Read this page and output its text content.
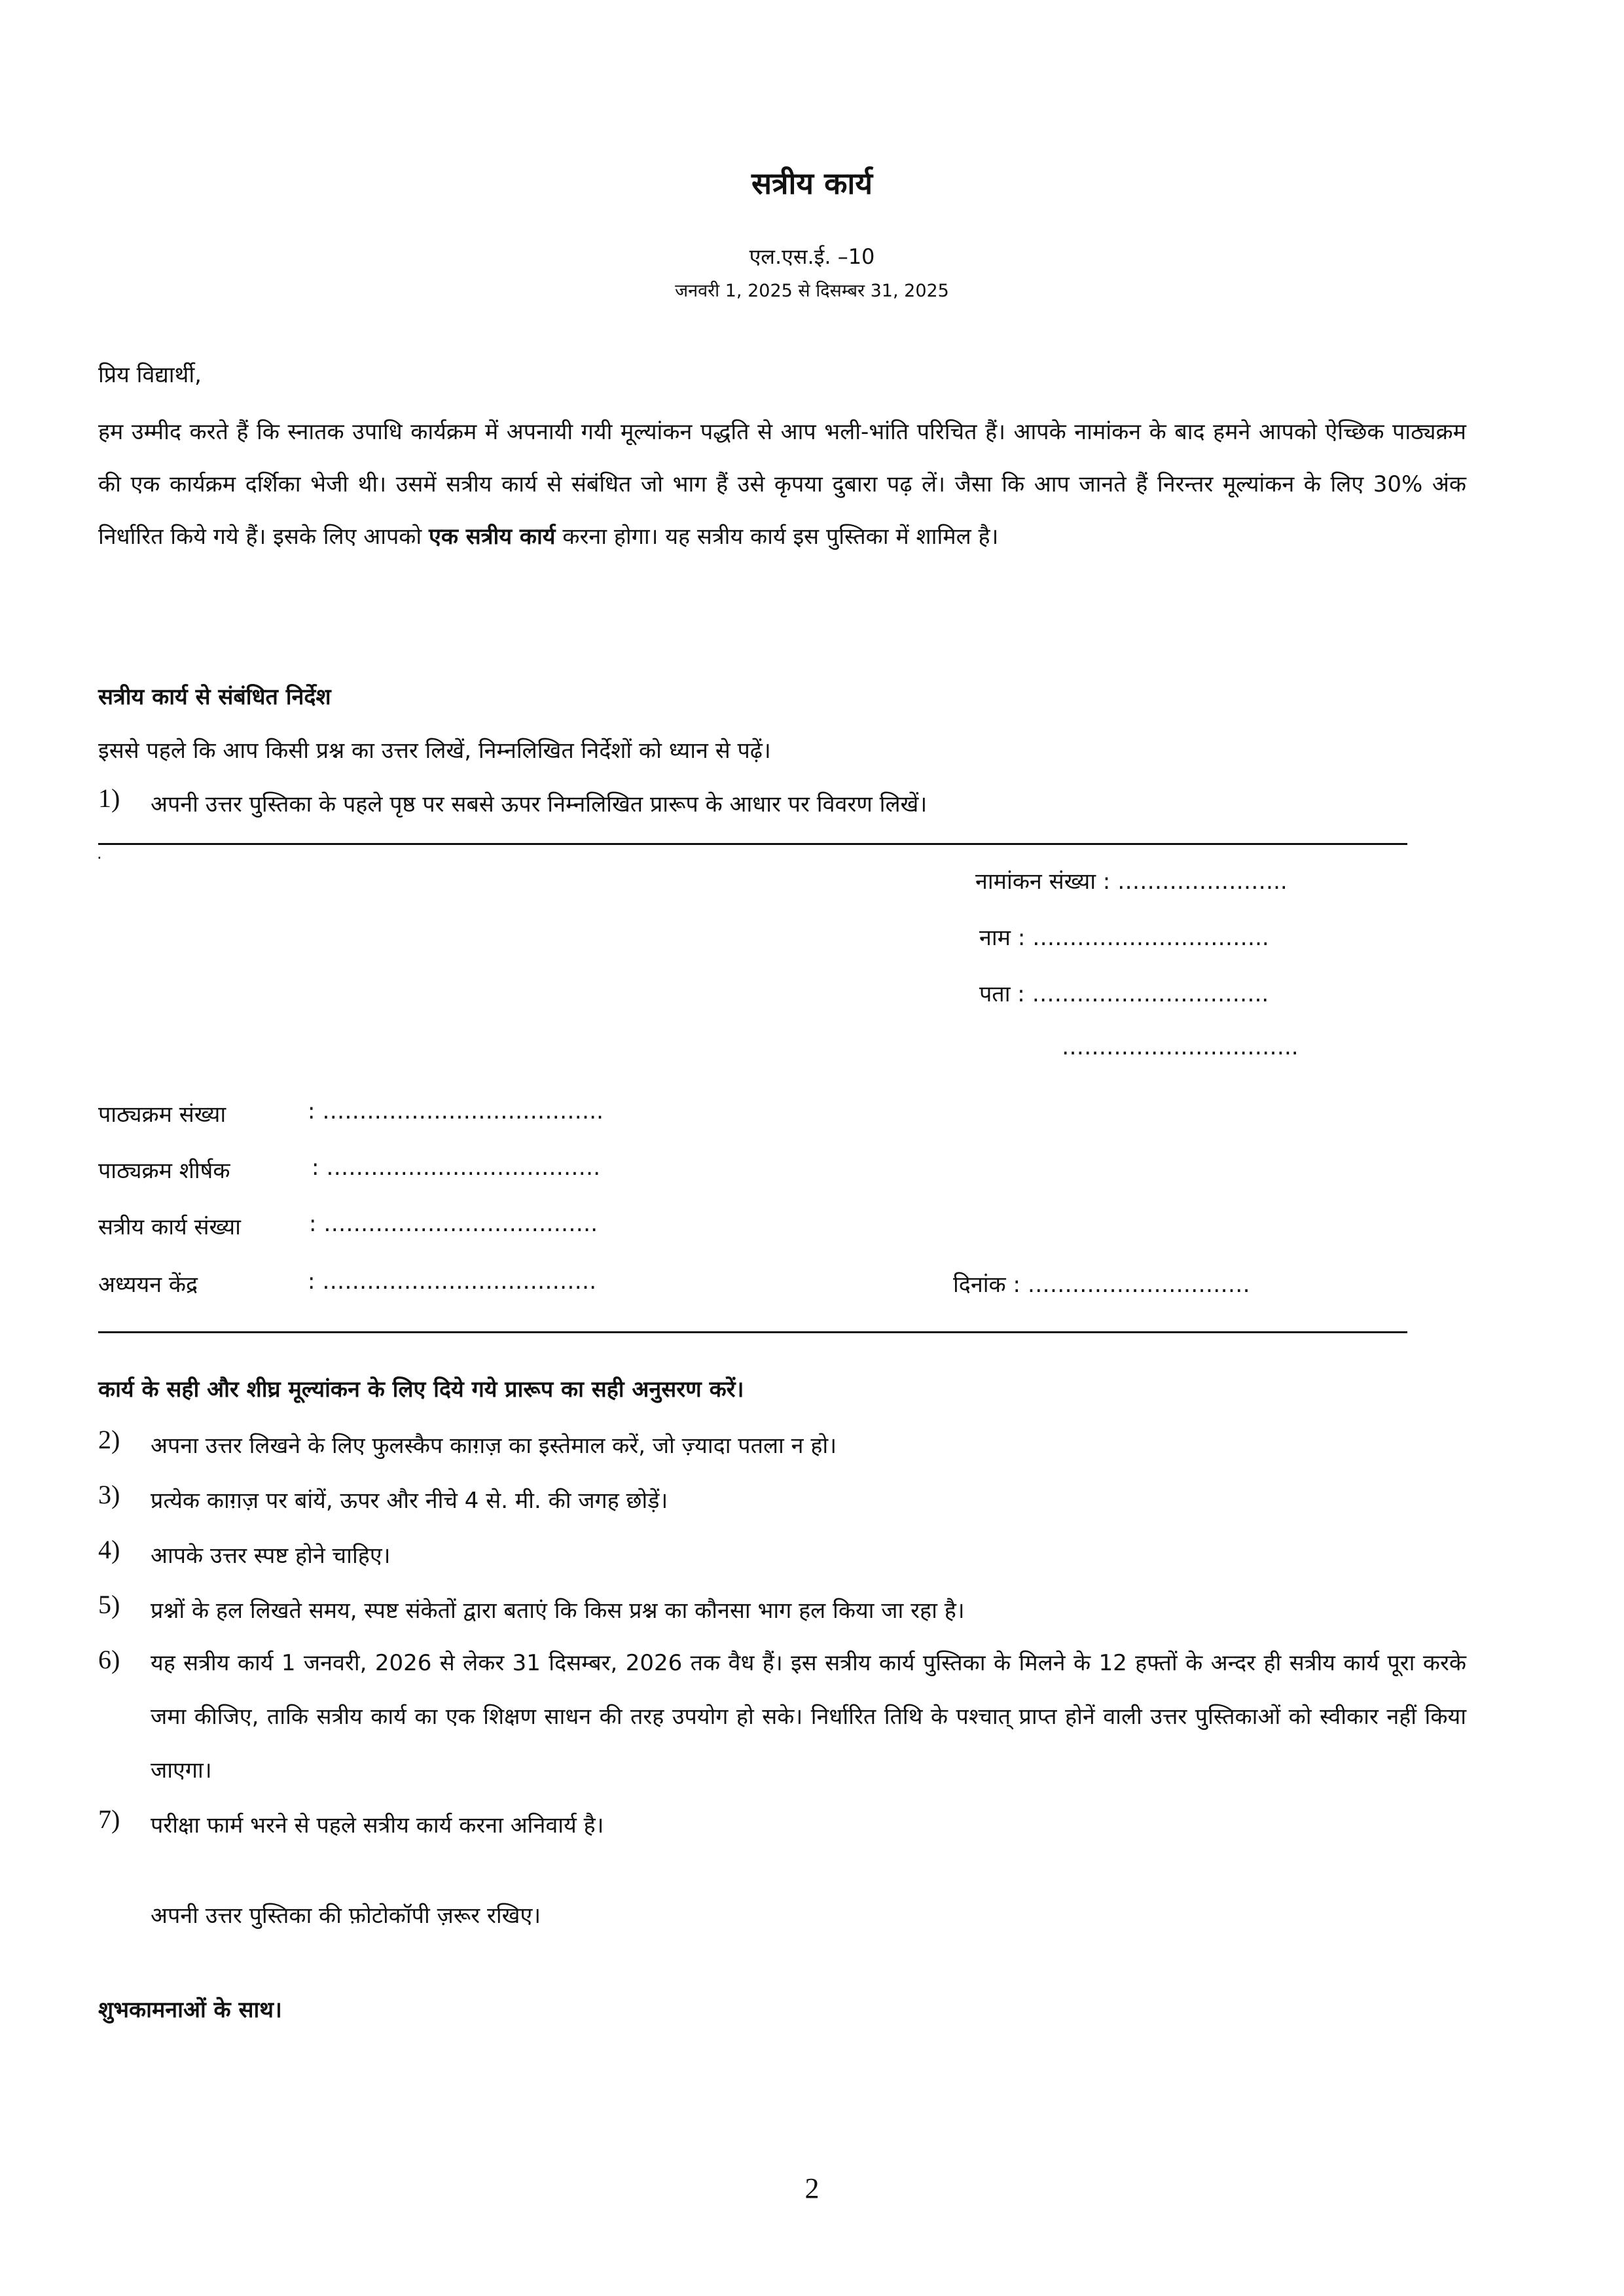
सत्रीय कार्य
एल.एस.ई. –10
जनवरी 1, 2025 से दिसम्बर 31, 2025
प्रिय विद्यार्थी,
हम उम्मीद करते हैं कि स्नातक उपाधि कार्यक्रम में अपनायी गयी मूल्यांकन पद्धति से आप भली-भांति परिचित हैं। आपके नामांकन के बाद हमने आपको ऐच्छिक पाठ्यक्रम की एक कार्यक्रम दर्शिका भेजी थी। उसमें सत्रीय कार्य से संबंधित जो भाग हैं उसे कृपया दुबारा पढ़ लें। जैसा कि आप जानते हैं निरन्तर मूल्यांकन के लिए 30% अंक निर्धारित किये गये हैं। इसके लिए आपको एक सत्रीय कार्य करना होगा। यह सत्रीय कार्य इस पुस्तिका में शामिल है।
सत्रीय कार्य से संबंधित निर्देश
इससे पहले कि आप किसी प्रश्न का उत्तर लिखें, निम्नलिखित निर्देशों को ध्यान से पढ़ें।
1) अपनी उत्तर पुस्तिका के पहले पृष्ठ पर सबसे ऊपर निम्नलिखित प्रारूप के आधार पर विवरण लिखें।
.
नामांकन संख्या : …………………..
नाम : …………………………..
पता : …………………………..
…………………………..
पाठ्यक्रम संख्या	: ………………………………..
पाठ्यक्रम शीर्षक	: ……………………………….
सत्रीय कार्य संख्या	: ……………………………….
अध्ययन केंद्र	: ……………………………….	दिनांक : …………………………
कार्य के सही और शीघ्र मूल्यांकन के लिए दिये गये प्रारूप का सही अनुसरण करें।
2) अपना उत्तर लिखने के लिए फुलस्कैप काग़ज़ का इस्तेमाल करें, जो ज़्यादा पतला न हो।
3) प्रत्येक काग़ज़ पर बांयें, ऊपर और नीचे 4 से. मी. की जगह छोड़ें।
4) आपके उत्तर स्पष्ट होने चाहिए।
5) प्रश्नों के हल लिखते समय, स्पष्ट संकेतों द्वारा बताएं कि किस प्रश्न का कौनसा भाग हल किया जा रहा है।
6) यह सत्रीय कार्य 1 जनवरी, 2026 से लेकर 31 दिसम्बर, 2026 तक वैध हैं। इस सत्रीय कार्य पुस्तिका के मिलने के 12 हफ्तों के अन्दर ही सत्रीय कार्य पूरा करके जमा कीजिए, ताकि सत्रीय कार्य का एक शिक्षण साधन की तरह उपयोग हो सके। निर्धारित तिथि के पश्चात् प्राप्त होनें वाली उत्तर पुस्तिकाओं को स्वीकार नहीं किया जाएगा।
7) परीक्षा फार्म भरने से पहले सत्रीय कार्य करना अनिवार्य है।
अपनी उत्तर पुस्तिका की फ़ोटोकॉपी ज़रूर रखिए।
शुभकामनाओं के साथ।
2
